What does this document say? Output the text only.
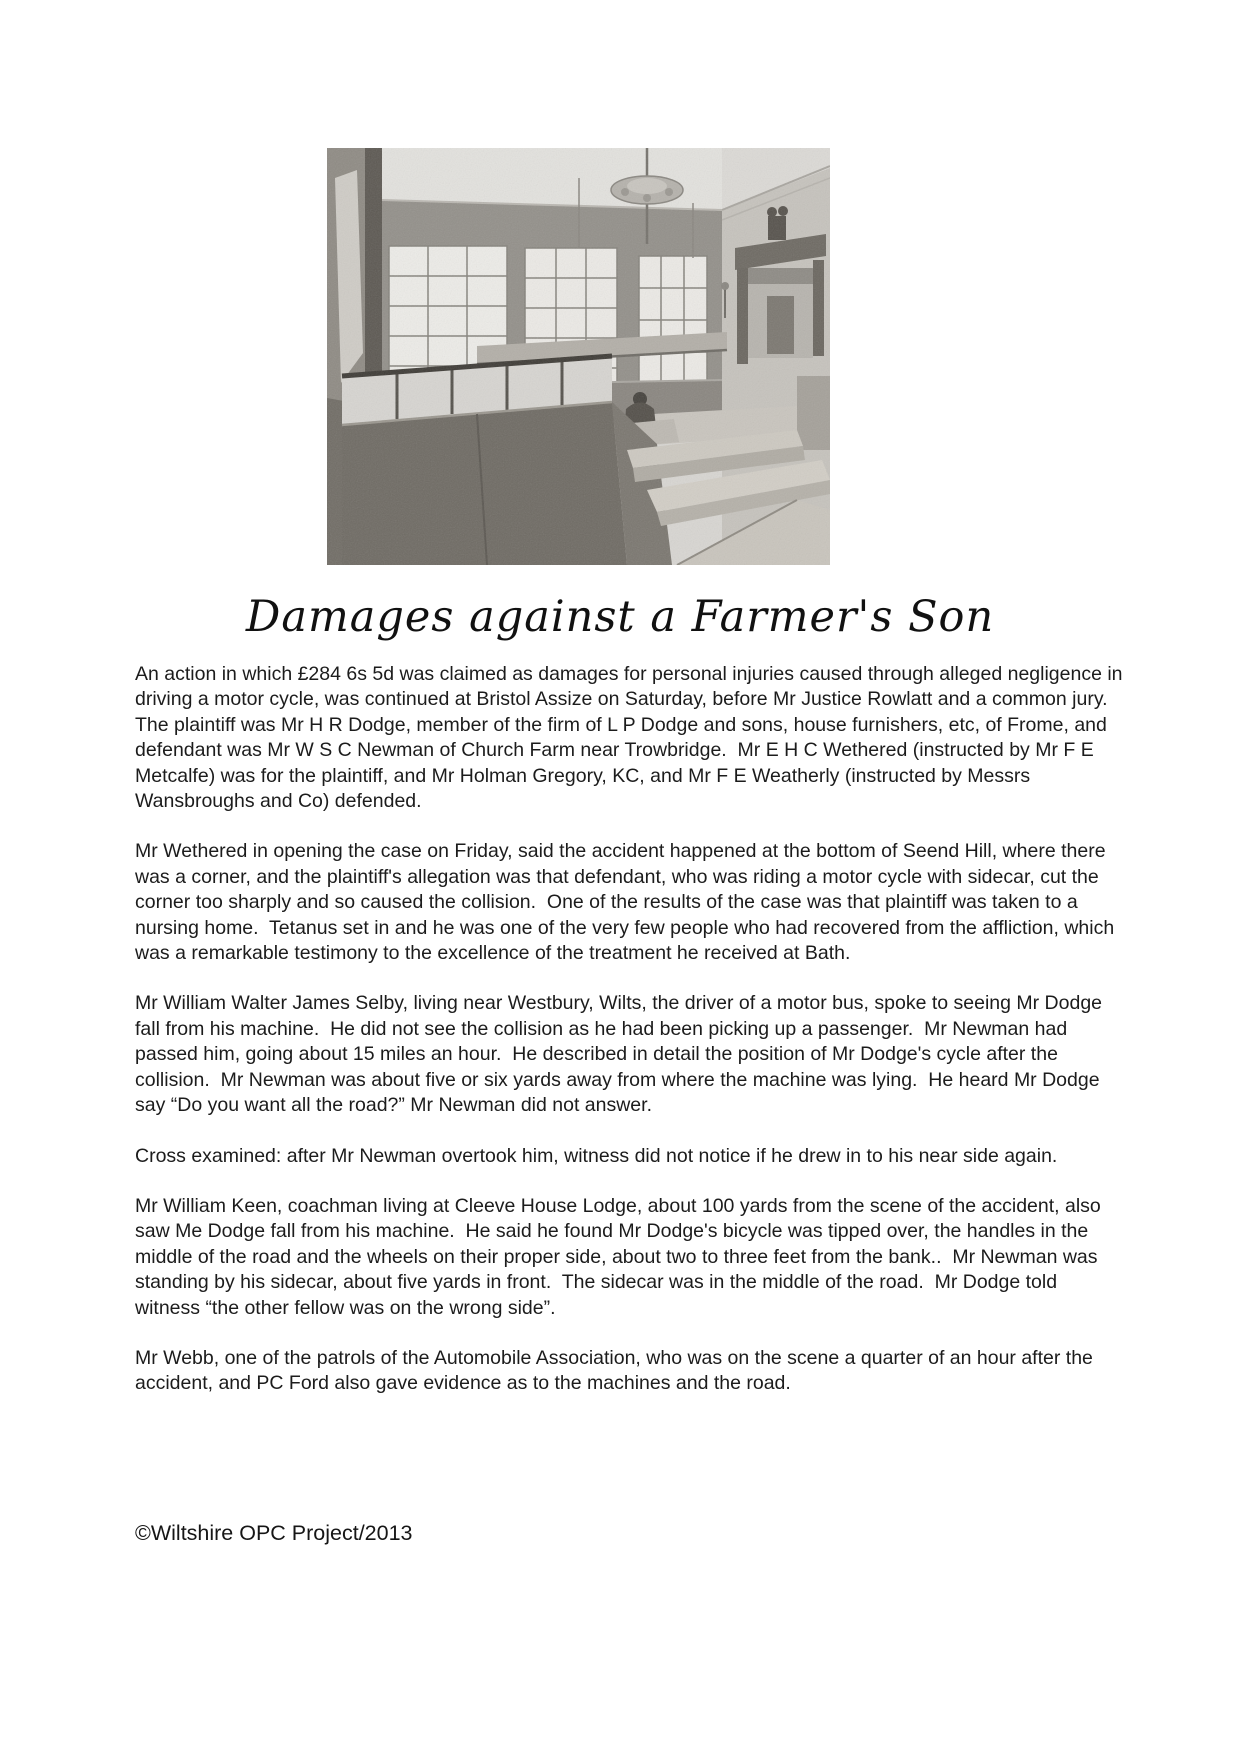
Damages against a Farmer's Son

An action in which £284 6s 5d was claimed as damages for personal injuries caused through alleged negligence in driving a motor cycle, was continued at Bristol Assize on Saturday, before Mr Justice Rowlatt and a common jury.  The plaintiff was Mr H R Dodge, member of the firm of L P Dodge and sons, house furnishers, etc, of Frome, and defendant was Mr W S C Newman of Church Farm near Trowbridge.  Mr E H C Wethered (instructed by Mr F E Metcalfe) was for the plaintiff, and Mr Holman Gregory, KC, and Mr F E Weatherly (instructed by Messrs Wansbroughs and Co) defended.

Mr Wethered in opening the case on Friday, said the accident happened at the bottom of Seend Hill, where there was a corner, and the plaintiff's allegation was that defendant, who was riding a motor cycle with sidecar, cut the corner too sharply and so caused the collision.  One of the results of the case was that plaintiff was taken to a nursing home.  Tetanus set in and he was one of the very few people who had recovered from the affliction, which was a remarkable testimony to the excellence of the treatment he received at Bath.

Mr William Walter James Selby, living near Westbury, Wilts, the driver of a motor bus, spoke to seeing Mr Dodge fall from his machine.  He did not see the collision as he had been picking up a passenger.  Mr Newman had passed him, going about 15 miles an hour.  He described in detail the position of Mr Dodge's cycle after the collision.  Mr Newman was about five or six yards away from where the machine was lying.  He heard Mr Dodge say “Do you want all the road?” Mr Newman did not answer.

Cross examined: after Mr Newman overtook him, witness did not notice if he drew in to his near side again.

Mr William Keen, coachman living at Cleeve House Lodge, about 100 yards from the scene of the accident, also saw Me Dodge fall from his machine.  He said he found Mr Dodge's bicycle was tipped over, the handles in the middle of the road and the wheels on their proper side, about two to three feet from the bank..  Mr Newman was standing by his sidecar, about five yards in front.  The sidecar was in the middle of the road.  Mr Dodge told witness “the other fellow was on the wrong side”.

Mr Webb, one of the patrols of the Automobile Association, who was on the scene a quarter of an hour after the accident, and PC Ford also gave evidence as to the machines and the road.

©Wiltshire OPC Project/2013
